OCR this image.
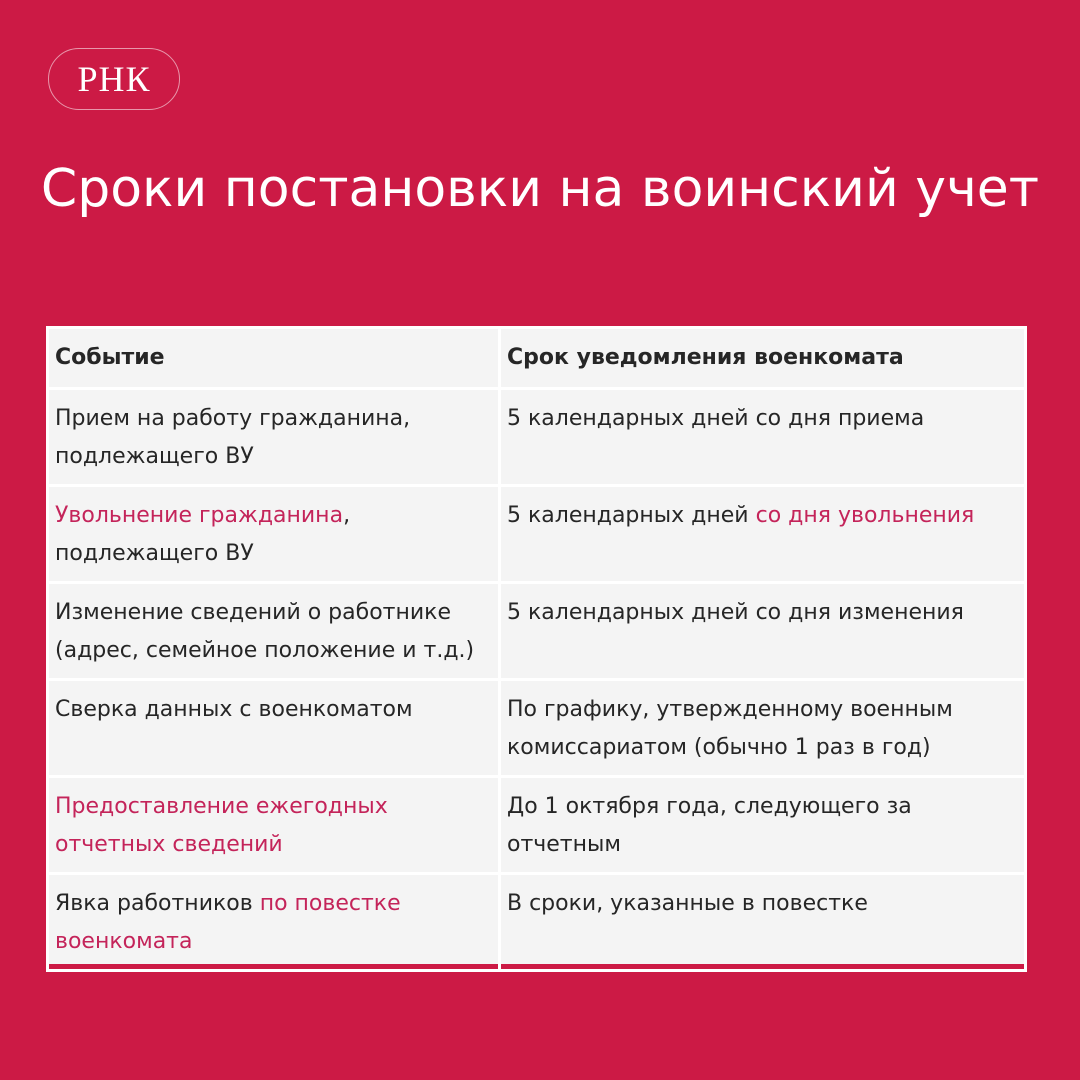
РНК
Сроки постановки на воинский учет
Событие	Срок уведомления военкомата
Прием на работу гражданина, подлежащего ВУ	5 календарных дней со дня приема
Увольнение гражданина, подлежащего ВУ	5 календарных дней со дня увольнения
Изменение сведений о работнике (адрес, семейное положение и т.д.)	5 календарных дней со дня изменения
Сверка данных с военкоматом	По графику, утвержденному военным комиссариатом (обычно 1 раз в год)
Предоставление ежегодных отчетных сведений	До 1 октября года, следующего за отчетным
Явка работников по повестке военкомата	В сроки, указанные в повестке
